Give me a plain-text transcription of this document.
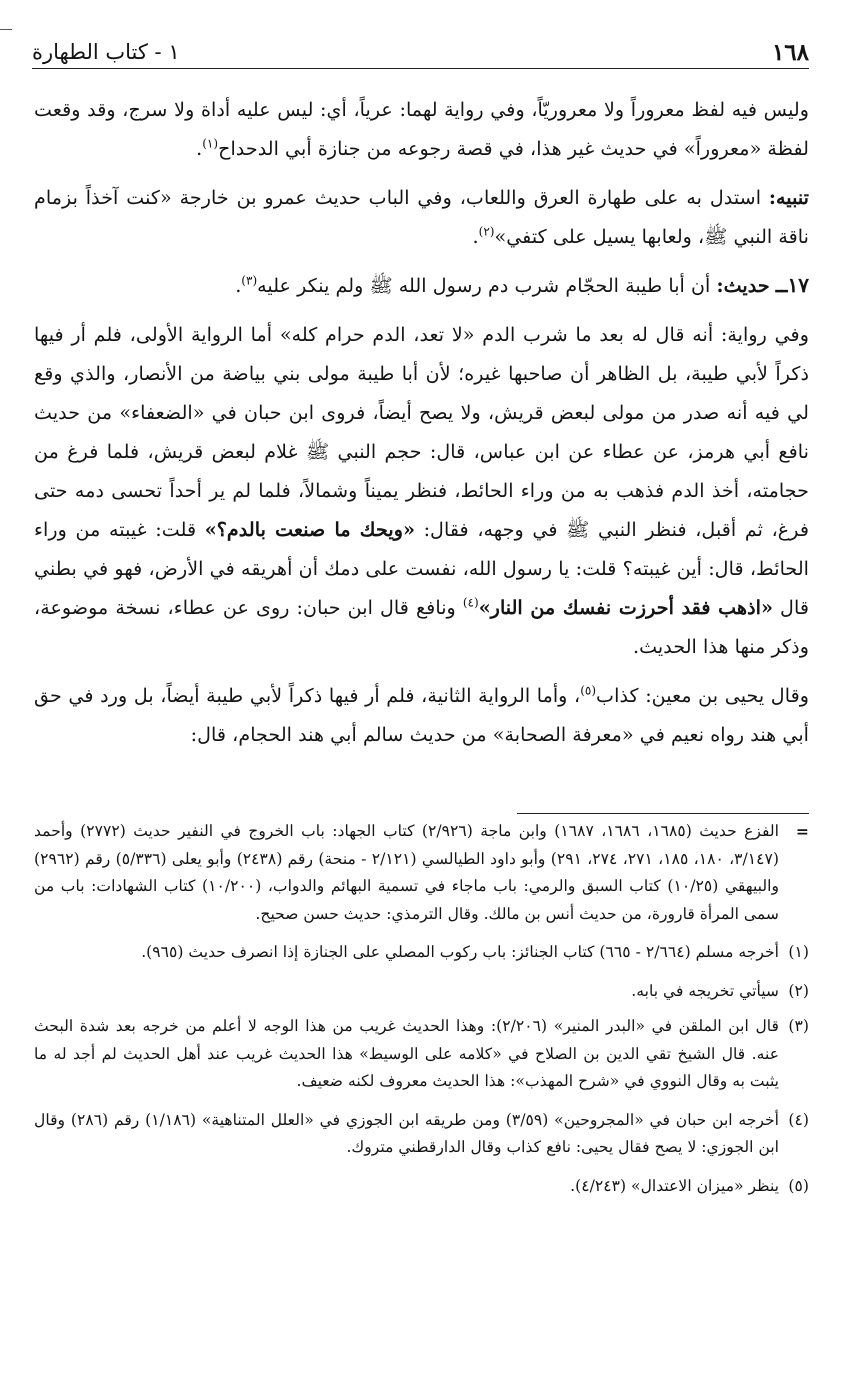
١ - كتاب الطهارة	١٦٨

وليس فيه لفظ معروراً ولا معروريّاً، وفي رواية لهما: عرياً، أي: ليس عليه أداة ولا سرج، وقد وقعت لفظة «معروراً» في حديث غير هذا، في قصة رجوعه من جنازة أبي الدحداح$^{(١)}$.

تنبيه: استدل به على طهارة العرق واللعاب، وفي الباب حديث عمرو بن خارجة «كنت آخذاً بزمام ناقة النبي ﷺ، ولعابها يسيل على كتفي»$^{(٢)}$.

١٧ــ حديث: أن أبا طيبة الحجّام شرب دم رسول الله ﷺ ولم ينكر عليه$^{(٣)}$.

وفي رواية: أنه قال له بعد ما شرب الدم «لا تعد، الدم حرام كله» أما الرواية الأولى، فلم أر فيها ذكراً لأبي طيبة، بل الظاهر أن صاحبها غيره؛ لأن أبا طيبة مولى بني بياضة من الأنصار، والذي وقع لي فيه أنه صدر من مولى لبعض قريش، ولا يصح أيضاً، فروى ابن حبان في «الضعفاء» من حديث نافع أبي هرمز، عن عطاء عن ابن عباس، قال: حجم النبي ﷺ غلام لبعض قريش، فلما فرغ من حجامته، أخذ الدم فذهب به من وراء الحائط، فنظر يميناً وشمالاً، فلما لم ير أحداً تحسى دمه حتى فرغ، ثم أقبل، فنظر النبي ﷺ في وجهه، فقال: «ويحك ما صنعت بالدم؟» قلت: غيبته من وراء الحائط، قال: أين غيبته؟ قلت: يا رسول الله، نفست على دمك أن أهريقه في الأرض، فهو في بطني قال «اذهب فقد أحرزت نفسك من النار»$^{(٤)}$ ونافع قال ابن حبان: روى عن عطاء، نسخة موضوعة، وذكر منها هذا الحديث.

وقال يحيى بن معين: كذاب$^{(٥)}$، وأما الرواية الثانية، فلم أر فيها ذكراً لأبي طيبة أيضاً، بل ورد في حق أبي هند رواه نعيم في «معرفة الصحابة» من حديث سالم أبي هند الحجام، قال:

=
الفزع حديث (١٦٨٥، ١٦٨٦، ١٦٨٧) وابن ماجة (٢/٩٢٦) كتاب الجهاد: باب الخروج في النفير حديث (٢٧٧٢) وأحمد (٣/١٤٧، ١٨٠، ١٨٥، ٢٧١، ٢٧٤، ٢٩١) وأبو داود الطيالسي (٢/١٢١ - منحة) رقم (٢٤٣٨) وأبو يعلى (٥/٣٣٦) رقم (٢٩٦٢) والبيهقي (١٠/٢٥) كتاب السبق والرمي: باب ماجاء في تسمية البهائم والدواب، (١٠/٢٠٠) كتاب الشهادات: باب من سمى المرأة قارورة، من حديث أنس بن مالك. وقال الترمذي: حديث حسن صحيح.
(١)
أخرجه مسلم (٢/٦٦٤ - ٦٦٥) كتاب الجنائز: باب ركوب المصلي على الجنازة إذا انصرف حديث (٩٦٥).
(٢)
سيأتي تخريجه في بابه.
(٣)
قال ابن الملقن في «البدر المنير» (٢/٢٠٦): وهذا الحديث غريب من هذا الوجه لا أعلم من خرجه بعد شدة البحث عنه. قال الشيخ تقي الدين بن الصلاح في «كلامه على الوسيط» هذا الحديث غريب عند أهل الحديث لم أجد له ما يثبت به وقال النووي في «شرح المهذب»: هذا الحديث معروف لكنه ضعيف.
(٤)
أخرجه ابن حبان في «المجروحين» (٣/٥٩) ومن طريقه ابن الجوزي في «العلل المتناهية» (١/١٨٦) رقم (٢٨٦) وقال ابن الجوزي: لا يصح فقال يحيى: نافع كذاب وقال الدارقطني متروك.
(٥)
ينظر «ميزان الاعتدال» (٤/٢٤٣).
